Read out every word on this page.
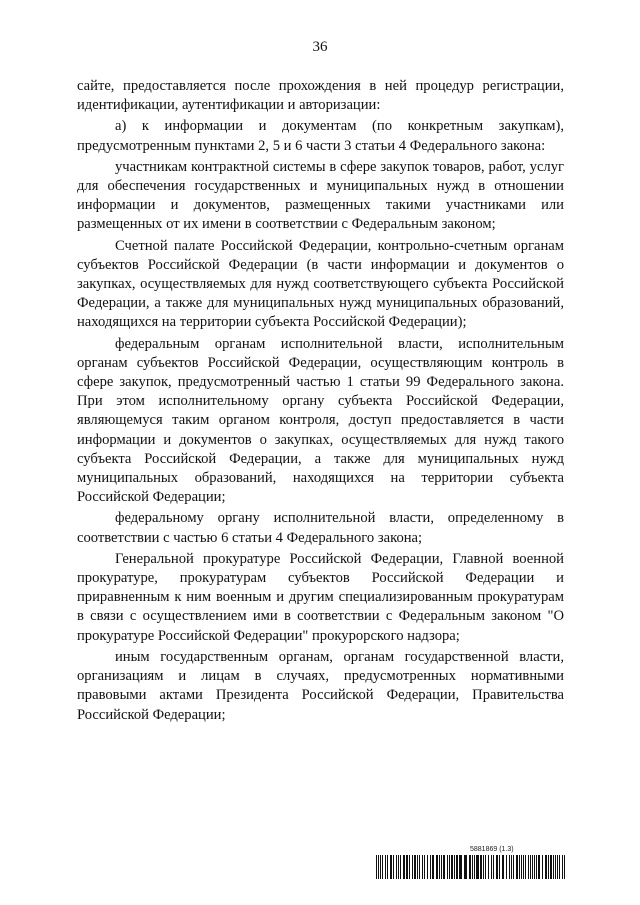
36

сайте, предоставляется после прохождения в ней процедур регистрации, идентификации, аутентификации и авторизации:

а) к информации и документам (по конкретным закупкам), предусмотренным пунктами 2, 5 и 6 части 3 статьи 4 Федерального закона:

участникам контрактной системы в сфере закупок товаров, работ, услуг для обеспечения государственных и муниципальных нужд в отношении информации и документов, размещенных такими участниками или размещенных от их имени в соответствии с Федеральным законом;

Счетной палате Российской Федерации, контрольно-счетным органам субъектов Российской Федерации (в части информации и документов о закупках, осуществляемых для нужд соответствующего субъекта Российской Федерации, а также для муниципальных нужд муниципальных образований, находящихся на территории субъекта Российской Федерации);

федеральным органам исполнительной власти, исполнительным органам субъектов Российской Федерации, осуществляющим контроль в сфере закупок, предусмотренный частью 1 статьи 99 Федерального закона. При этом исполнительному органу субъекта Российской Федерации, являющемуся таким органом контроля, доступ предоставляется в части информации и документов о закупках, осуществляемых для нужд такого субъекта Российской Федерации, а также для муниципальных нужд муниципальных образований, находящихся на территории субъекта Российской Федерации;

федеральному органу исполнительной власти, определенному в соответствии с частью 6 статьи 4 Федерального закона;

Генеральной прокуратуре Российской Федерации, Главной военной прокуратуре, прокуратурам субъектов Российской Федерации и приравненным к ним военным и другим специализированным прокуратурам в связи с осуществлением ими в соответствии с Федеральным законом "О прокуратуре Российской Федерации" прокурорского надзора;

иным государственным органам, органам государственной власти, организациям и лицам в случаях, предусмотренных нормативными правовыми актами Президента Российской Федерации, Правительства Российской Федерации;

5881869 (1.3)
